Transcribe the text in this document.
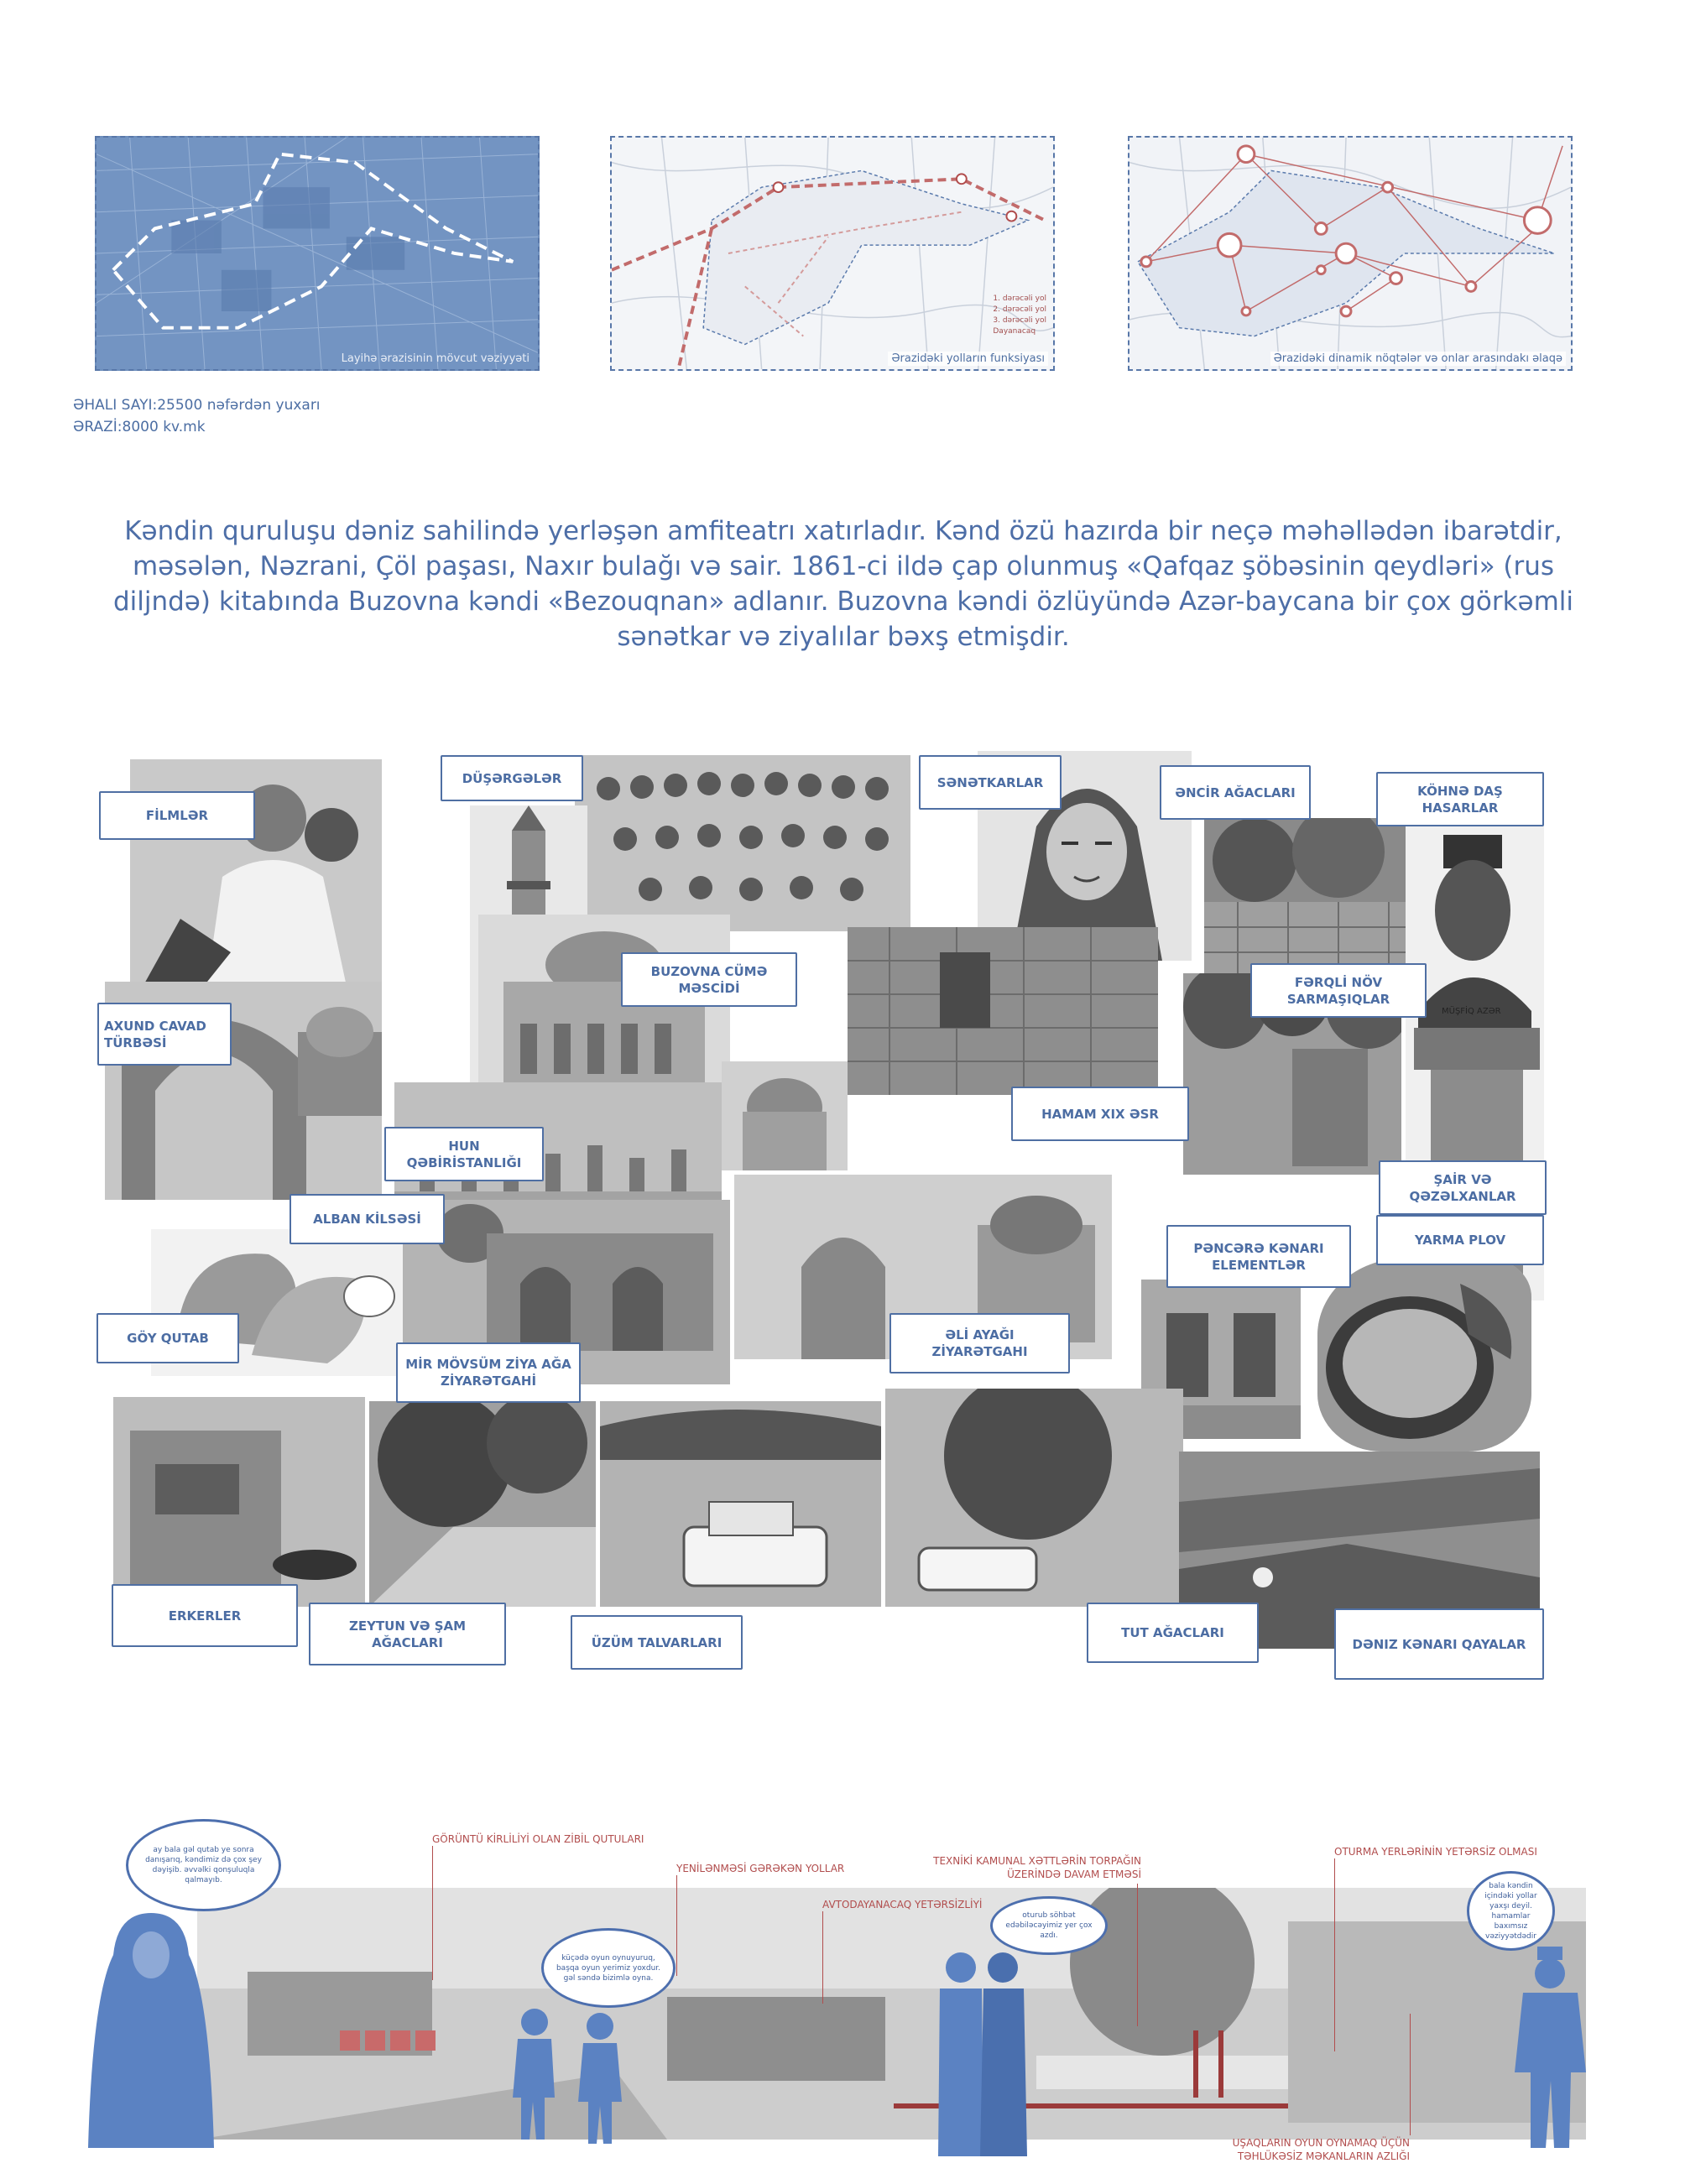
Layihə ərazisinin mövcut vəziyyəti
1. dərəcəli yol
2. dərəcəli yol
3. dərəcəli yol
Dayanacaq
Ərazidəki yolların funksiyası	Ərazidəki dinamik nöqtələr və onlar arasındakı əlaqə
ƏHALI SAYI:25500 nəfərdən yuxarı
ƏRAZİ:8000 kv.mk
Kəndin quruluşu dəniz sahilində yerləşən amfiteatrı xatırladır. Kənd özü hazırda bir neçə məhəllədən ibarətdir, məsələn, Nəzrani, Çöl paşası, Naxır bulağı və sair. 1861-ci ildə çap olunmuş «Qafqaz şöbəsinin qeydləri» (rus diljndə) kitabında Buzovna kəndi «Bezouqnan» adlanır. Buzovna kəndi özlüyündə Azər-baycana bir çox görkəmli sənətkar və ziyalılar bəxş etmişdir.
MÜŞFİQ AZƏR
FİLMLƏR
DÜŞƏRGƏLƏR	SƏNƏTKARLAR
ƏNCİR AĞACLARI	KÖHNƏ DAŞ HASARLAR
BUZOVNA CÜMƏ MƏSCİDİ	FƏRQLİ NÖV SARMAŞIQLAR
AXUND CAVAD TÜRBƏSİ
HAMAM XIX ƏSR
HUN QƏBİRİSTANLIĞI
ŞAİR VƏ QƏZƏLXANLAR
ALBAN KİLSƏSİ
YARMA PLOV
PƏNCƏRƏ KƏNARI ELEMENTLƏR
GÖY QUTAB	ƏLİ AYAĞI ZİYARƏTGAHI
MİR MÖVSÜM ZİYA AĞA ZİYARƏTGAHİ
ERKERLER
ZEYTUN VƏ ŞAM AĞACLARI	ÜZÜM TALVARLARI
TUT AĞACLARI
DƏNIZ KƏNARI QAYALAR
GÖRÜNTÜ KİRLİLİYİ OLAN ZİBİL QUTULARI
YENİLƏNMƏSİ GƏRƏKƏN YOLLAR
AVTODAYANACAQ YETƏRSİZLİYİ
TEXNİKİ KAMUNAL XƏTTLƏRİN TORPAĞIN ÜZERİNDƏ DAVAM ETMƏSİ
OTURMA YERLƏRİNİN YETƏRSİZ OLMASI
UŞAQLARIN OYUN OYNAMAQ ÜÇÜN TƏHLÜKƏSİZ MƏKANLARIN AZLIĞI
ay bala gəl qutab ye sonra danışarıq, kəndimiz də çox şey dəyişib. əvvəlki qonşuluqla qalmayıb.
küçədə oyun oynuyuruq, başqa oyun yerimiz yoxdur. gəl səndə bizimlə oyna.
oturub söhbət edəbiləcəyimiz yer çox azdı.
bala kəndin içindəki yollar yaxşı deyil. hamamlar baxımsız vəziyyətdədir
